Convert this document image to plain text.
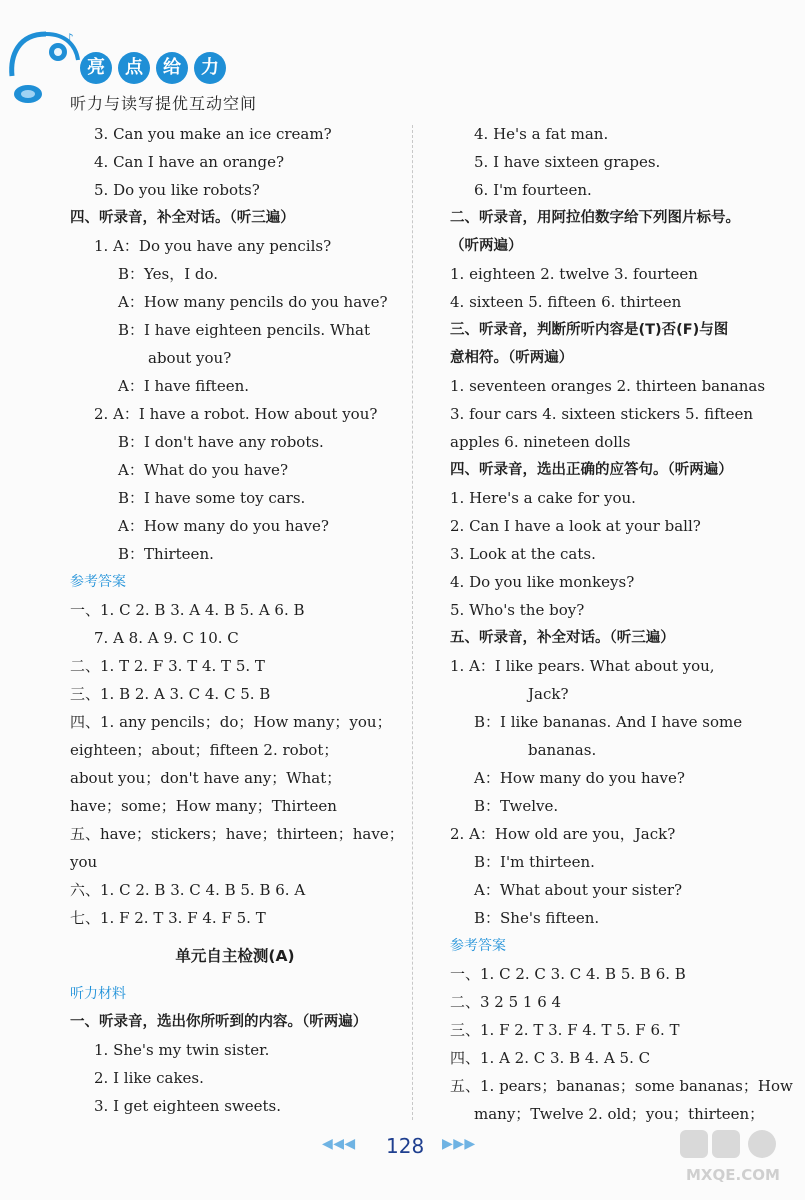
♪
亮	点	给	力
听力与读写提优互动空间
3. Can you make an ice cream?
4. Can I have an orange?
5. Do you like robots?
四、听录音，补全对话。（听三遍）
1. A：Do you have any pencils?
B：Yes，I do.
A：How many pencils do you have?
B：I have eighteen pencils. What
about you?
A：I have fifteen.
2. A：I have a robot. How about you?
B：I don't have any robots.
A：What do you have?
B：I have some toy cars.
A：How many do you have?
B：Thirteen.
参考答案
一、1. C 2. B 3. A 4. B 5. A 6. B
7. A 8. A 9. C 10. C
二、1. T 2. F 3. T 4. T 5. T
三、1. B 2. A 3. C 4. C 5. B
四、1. any pencils；do；How many；you；
eighteen；about；fifteen 2. robot；
about you；don't have any；What；
have；some；How many；Thirteen
五、have；stickers；have；thirteen；have；
you
六、1. C 2. B 3. C 4. B 5. B 6. A
七、1. F 2. T 3. F 4. F 5. T
单元自主检测(A)
听力材料
一、听录音，选出你所听到的内容。（听两遍）
1. She's my twin sister.
2. I like cakes.
3. I get eighteen sweets.
4. He's a fat man.
5. I have sixteen grapes.
6. I'm fourteen.
二、听录音，用阿拉伯数字给下列图片标号。
（听两遍）
1. eighteen 2. twelve 3. fourteen
4. sixteen 5. fifteen 6. thirteen
三、听录音，判断所听内容是(T)否(F)与图
意相符。（听两遍）
1. seventeen oranges 2. thirteen bananas
3. four cars 4. sixteen stickers 5. fifteen
apples 6. nineteen dolls
四、听录音，选出正确的应答句。（听两遍）
1. Here's a cake for you.
2. Can I have a look at your ball?
3. Look at the cats.
4. Do you like monkeys?
5. Who's the boy?
五、听录音，补全对话。（听三遍）
1. A：I like pears. What about you,
Jack?
B：I like bananas. And I have some
bananas.
A：How many do you have?
B：Twelve.
2. A：How old are you，Jack?
B：I'm thirteen.
A：What about your sister?
B：She's fifteen.
参考答案
一、1. C 2. C 3. C 4. B 5. B 6. B
二、3 2 5 1 6 4
三、1. F 2. T 3. F 4. T 5. F 6. T
四、1. A 2. C 3. B 4. A 5. C
五、1. pears；bananas；some bananas；How
many；Twelve 2. old；you；thirteen；
◀ ◀ ◀ 128 ▶ ▶ ▶
MXQE.COM
